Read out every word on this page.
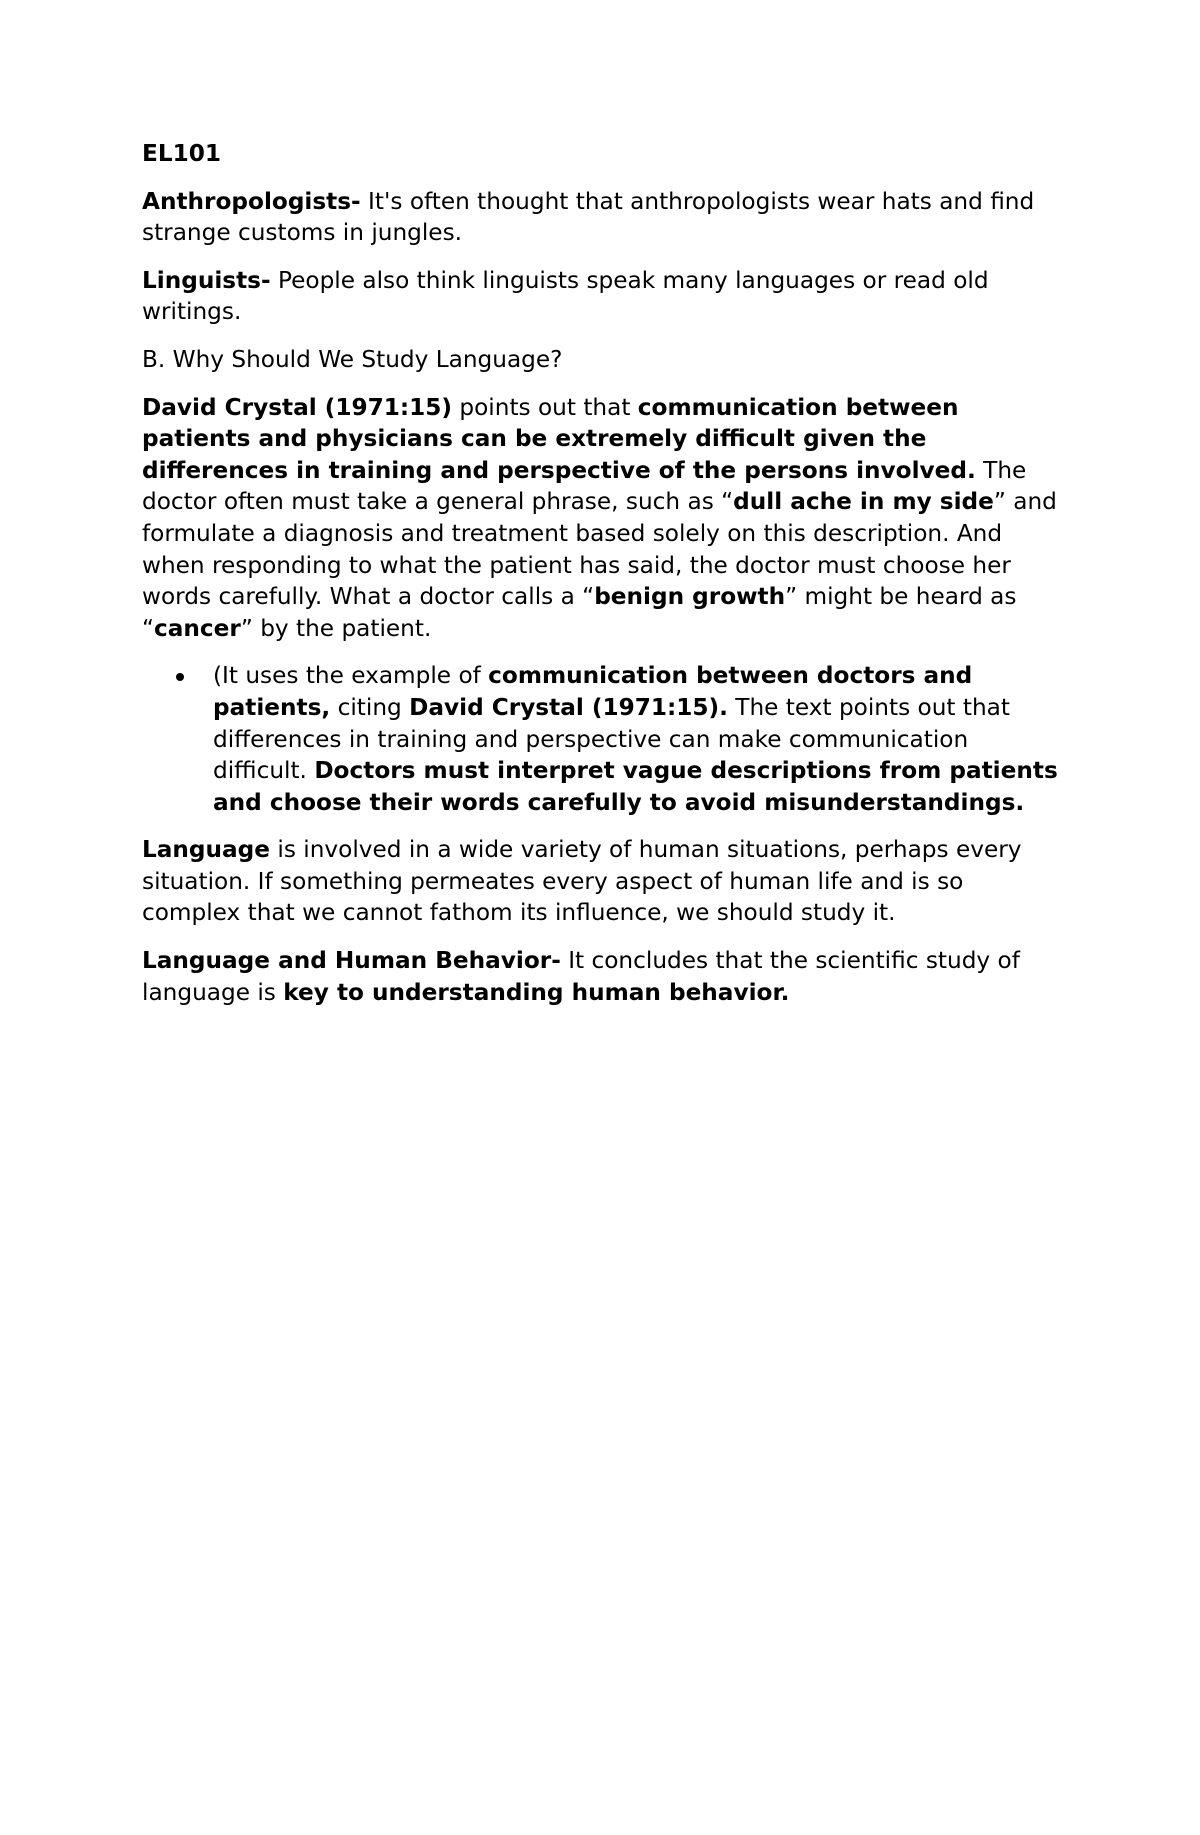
EL101

Anthropologists- It's often thought that anthropologists wear hats and find strange customs in jungles.

Linguists- People also think linguists speak many languages or read old writings.

B. Why Should We Study Language?

David Crystal (1971:15) points out that communication between patients and physicians can be extremely difficult given the differences in training and perspective of the persons involved. The doctor often must take a general phrase, such as “dull ache in my side” and formulate a diagnosis and treatment based solely on this description. And when responding to what the patient has said, the doctor must choose her words carefully. What a doctor calls a “benign growth” might be heard as “cancer” by the patient.

(It uses the example of communication between doctors and patients, citing David Crystal (1971:15). The text points out that differences in training and perspective can make communication difficult. Doctors must interpret vague descriptions from patients and choose their words carefully to avoid misunderstandings.

Language is involved in a wide variety of human situations, perhaps every situation. If something permeates every aspect of human life and is so complex that we cannot fathom its influence, we should study it.

Language and Human Behavior- It concludes that the scientific study of language is key to understanding human behavior.
